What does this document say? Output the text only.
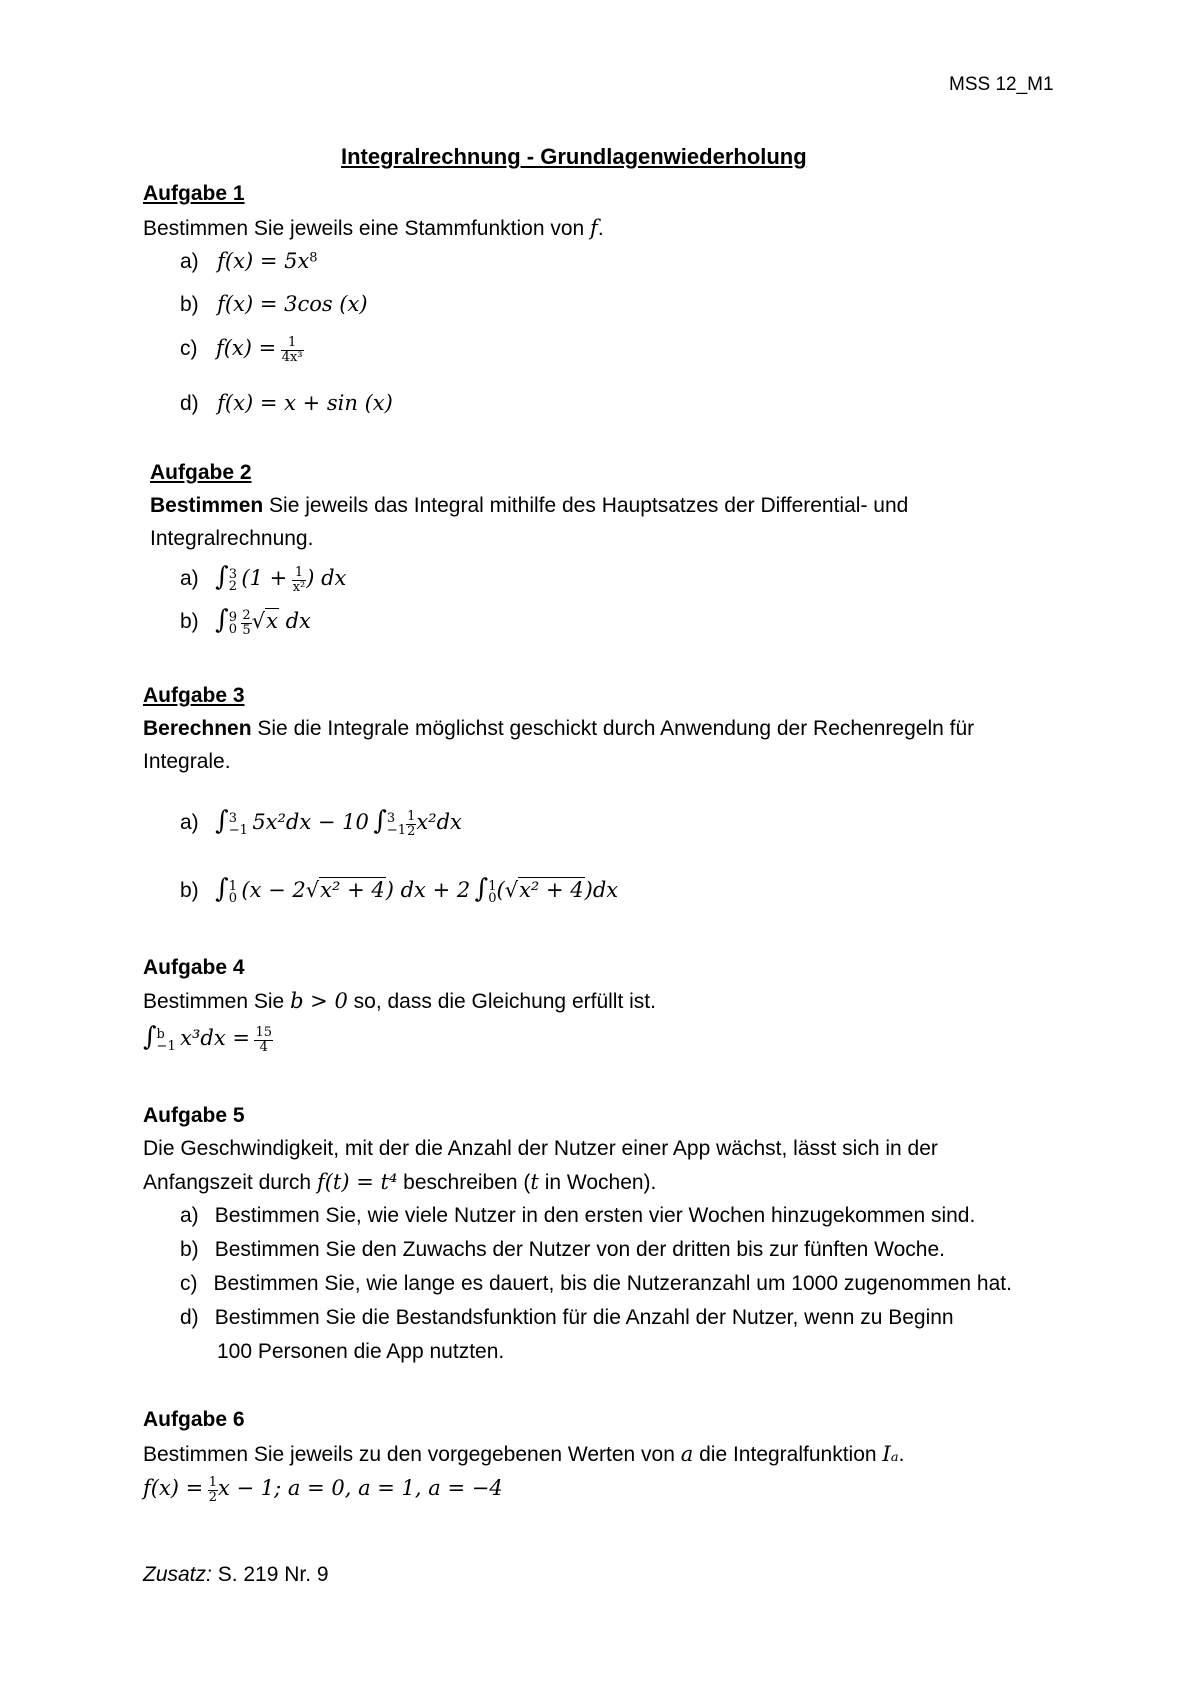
MSS 12_M1
Integralrechnung - Grundlagenwiederholung
Aufgabe 1
Bestimmen Sie jeweils eine Stammfunktion von f.
a) $f(x) = 5x^8$
b) f(x) = 3cos (x)
c) $f(x) = \frac{1}{\text{4x³}}$
d) f(x) = x + sin (x)
Aufgabe 2
Bestimmen Sie jeweils das Integral mithilfe des Hauptsatzes der Differential- und
Integralrechnung.
a) ∫ 3
2 ($1 + \frac{1}{\text{x²}}$ ) dx
b) ∫ 9
0
$\frac{2}{5} √x$ dx
Aufgabe 3
Berechnen Sie die Integrale möglichst geschickt durch Anwendung der Rechenregeln für
Integrale.
a) ∫ 3
−1 5x²dx − 10 ∫ 3
$-1 \frac{1}{2} x^2dx$
b) ∫ 1
0 (x − 2√x² + 4) dx + 2 ∫ 1
0 (√x² + 4)dx
Aufgabe 4
Bestimmen Sie b > 0 so, dass die Gleichung erfüllt ist.
∫ b
−1 $x^3dx = \frac{15}{4}$
Aufgabe 5
Die Geschwindigkeit, mit der die Anzahl der Nutzer einer App wächst, lässt sich in der
Anfangszeit durch f(t) = t⁴ beschreiben (t in Wochen).
a) Bestimmen Sie, wie viele Nutzer in den ersten vier Wochen hinzugekommen sind.
b) Bestimmen Sie den Zuwachs der Nutzer von der dritten bis zur fünften Woche.
c) Bestimmen Sie, wie lange es dauert, bis die Nutzeranzahl um 1000 zugenommen hat.
d) Bestimmen Sie die Bestandsfunktion für die Anzahl der Nutzer, wenn zu Beginn
100 Personen die App nutzten.
Aufgabe 6
Bestimmen Sie jeweils zu den vorgegebenen Werten von a die Integralfunktion Iₐ.
$f(x) = \frac{1}{2}$ x − 1; a = 0, a = 1, a = −4
Zusatz: S. 219 Nr. 9
